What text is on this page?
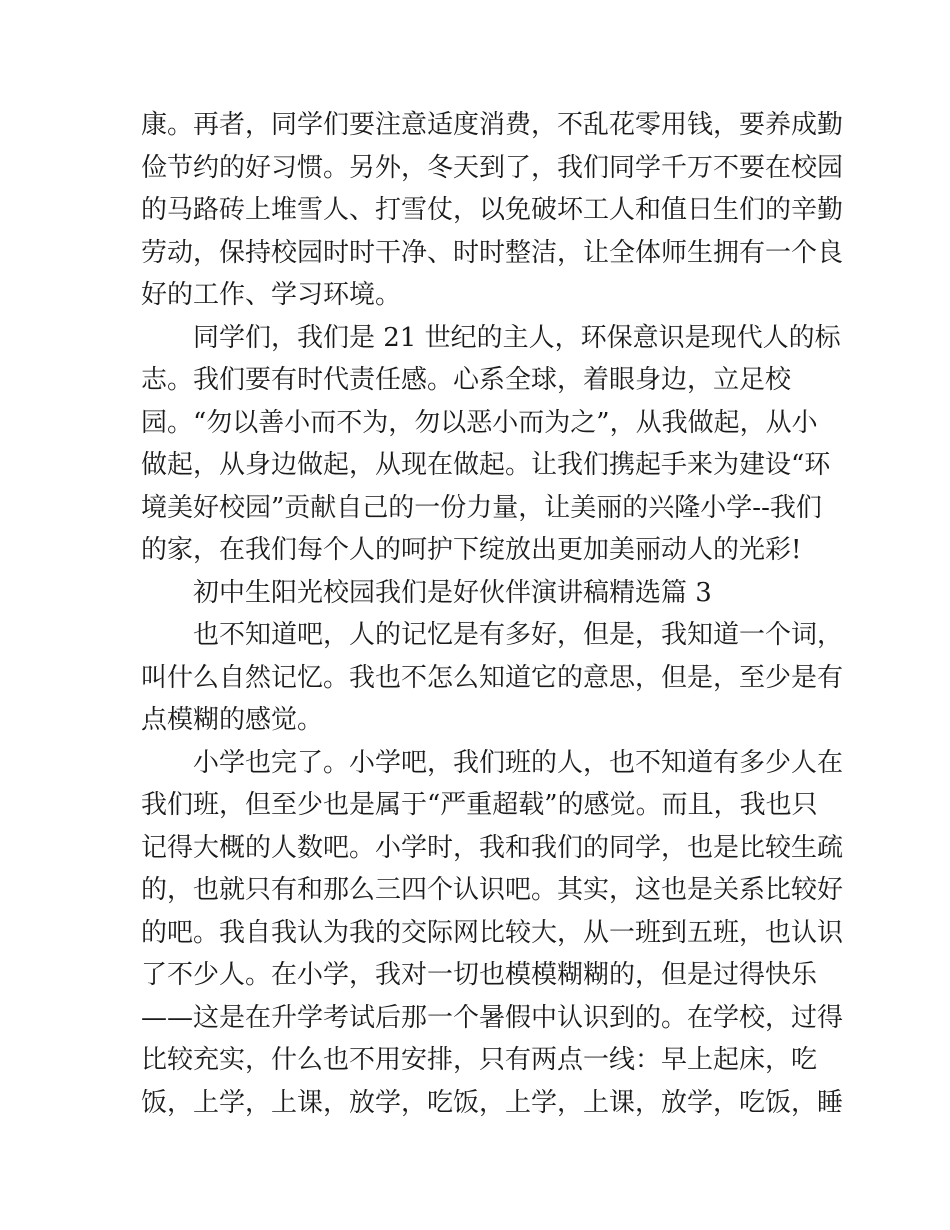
康。再者，同学们要注意适度消费，不乱花零用钱，要养成勤
俭节约的好习惯。另外，冬天到了，我们同学千万不要在校园
的马路砖上堆雪人、打雪仗，以免破坏工人和值日生们的辛勤
劳动，保持校园时时干净、时时整洁，让全体师生拥有一个良
好的工作、学习环境。
同学们，我们是 21 世纪的主人，环保意识是现代人的标
志。我们要有时代责任感。心系全球，着眼身边，立足校
园。“勿以善小而不为，勿以恶小而为之”，从我做起，从小
做起，从身边做起，从现在做起。让我们携起手来为建设“环
境美好校园”贡献自己的一份力量，让美丽的兴隆小学--我们
的家，在我们每个人的呵护下绽放出更加美丽动人的光彩!
初中生阳光校园我们是好伙伴演讲稿精选篇 3
也不知道吧，人的记忆是有多好，但是，我知道一个词，
叫什么自然记忆。我也不怎么知道它的意思，但是，至少是有
点模糊的感觉。
小学也完了。小学吧，我们班的人，也不知道有多少人在
我们班，但至少也是属于“严重超载”的感觉。而且，我也只
记得大概的人数吧。小学时，我和我们的同学，也是比较生疏
的，也就只有和那么三四个认识吧。其实，这也是关系比较好
的吧。我自我认为我的交际网比较大，从一班到五班，也认识
了不少人。在小学，我对一切也模模糊糊的，但是过得快乐
——这是在升学考试后那一个暑假中认识到的。在学校，过得
比较充实，什么也不用安排，只有两点一线：早上起床，吃
饭，上学，上课，放学，吃饭，上学，上课，放学，吃饭，睡
